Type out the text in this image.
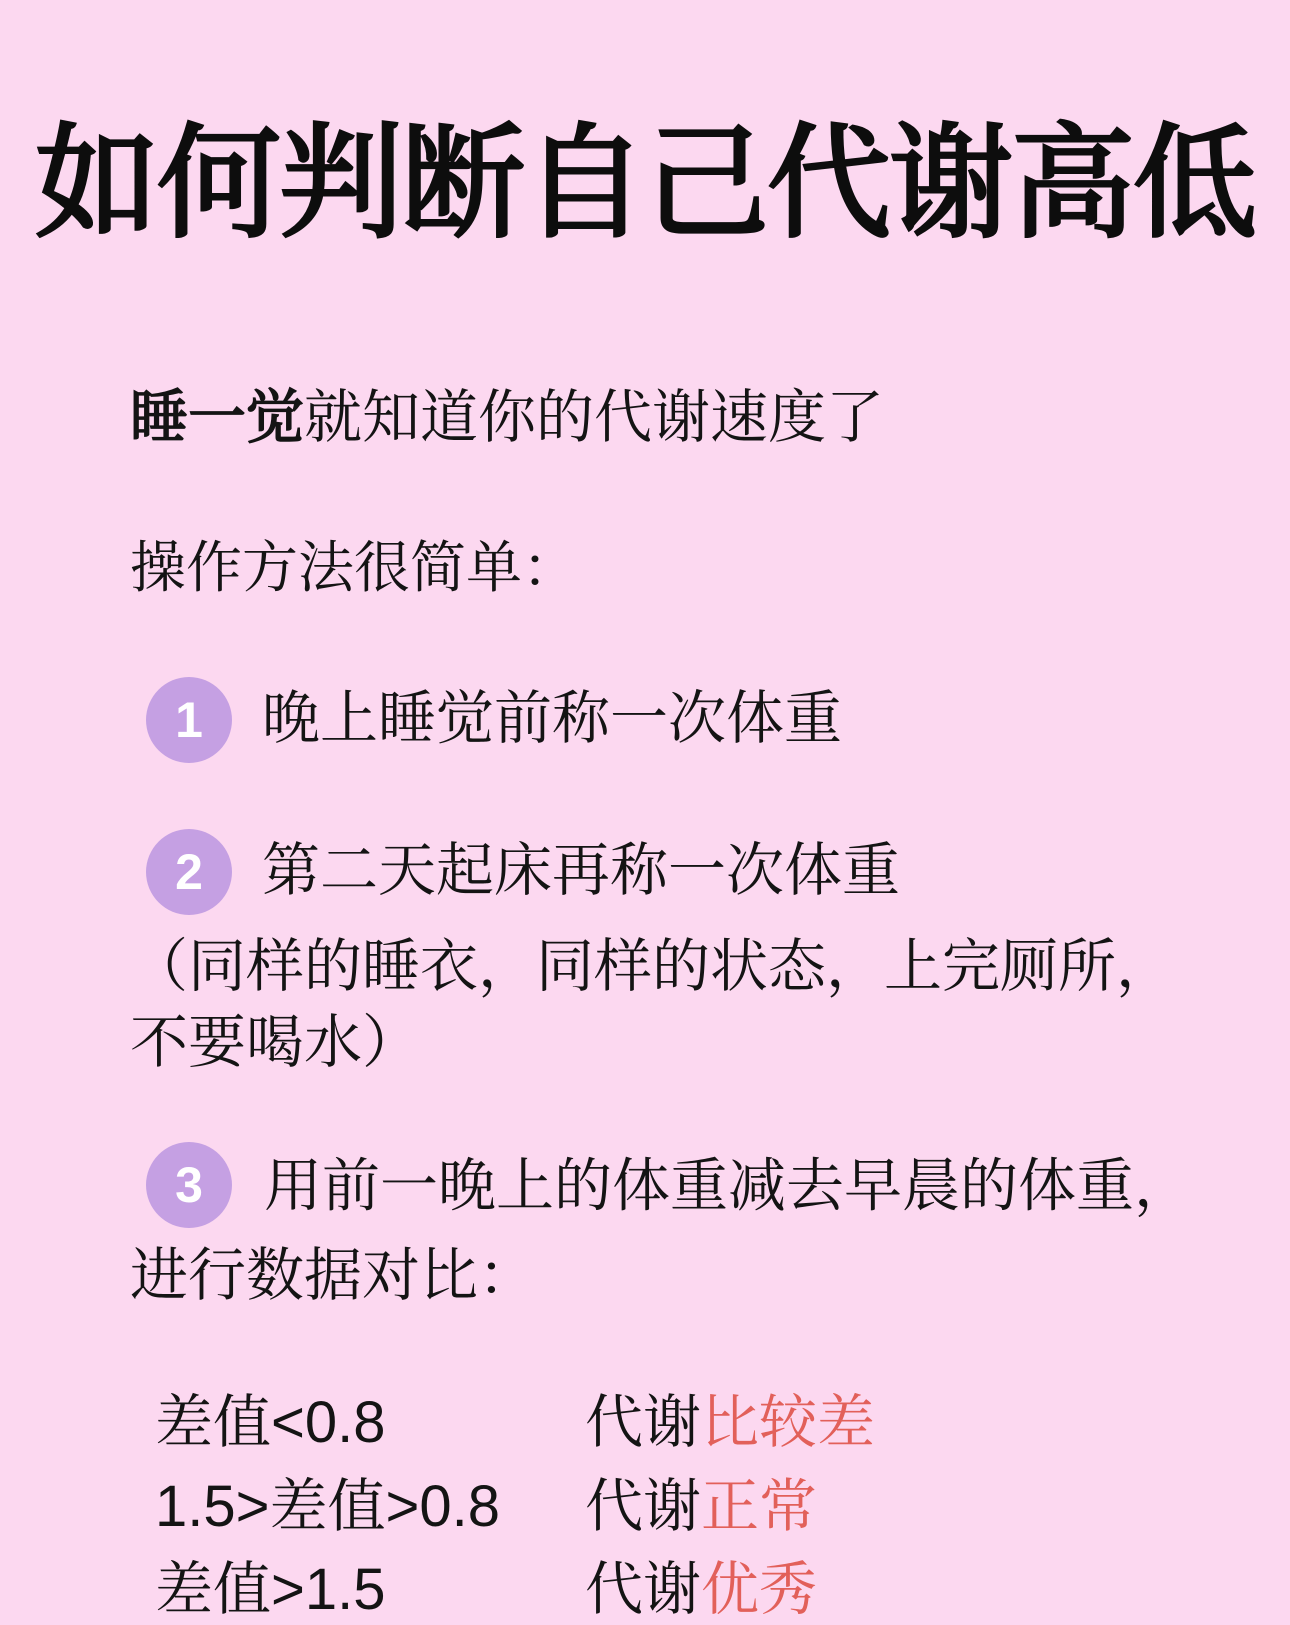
如何判断自己代谢高低

睡一觉就知道你的代谢速度了

操作方法很简单：

1 晚上睡觉前称一次体重
2 第二天起床再称一次体重

（同样的睡衣，同样的状态，上完厕所，
不要喝水）

3 用前一晚上的体重减去早晨的体重，
进行数据对比：

差值<0.8	代谢比较差
1.5>差值>0.8	代谢正常
差值>1.5	代谢优秀
